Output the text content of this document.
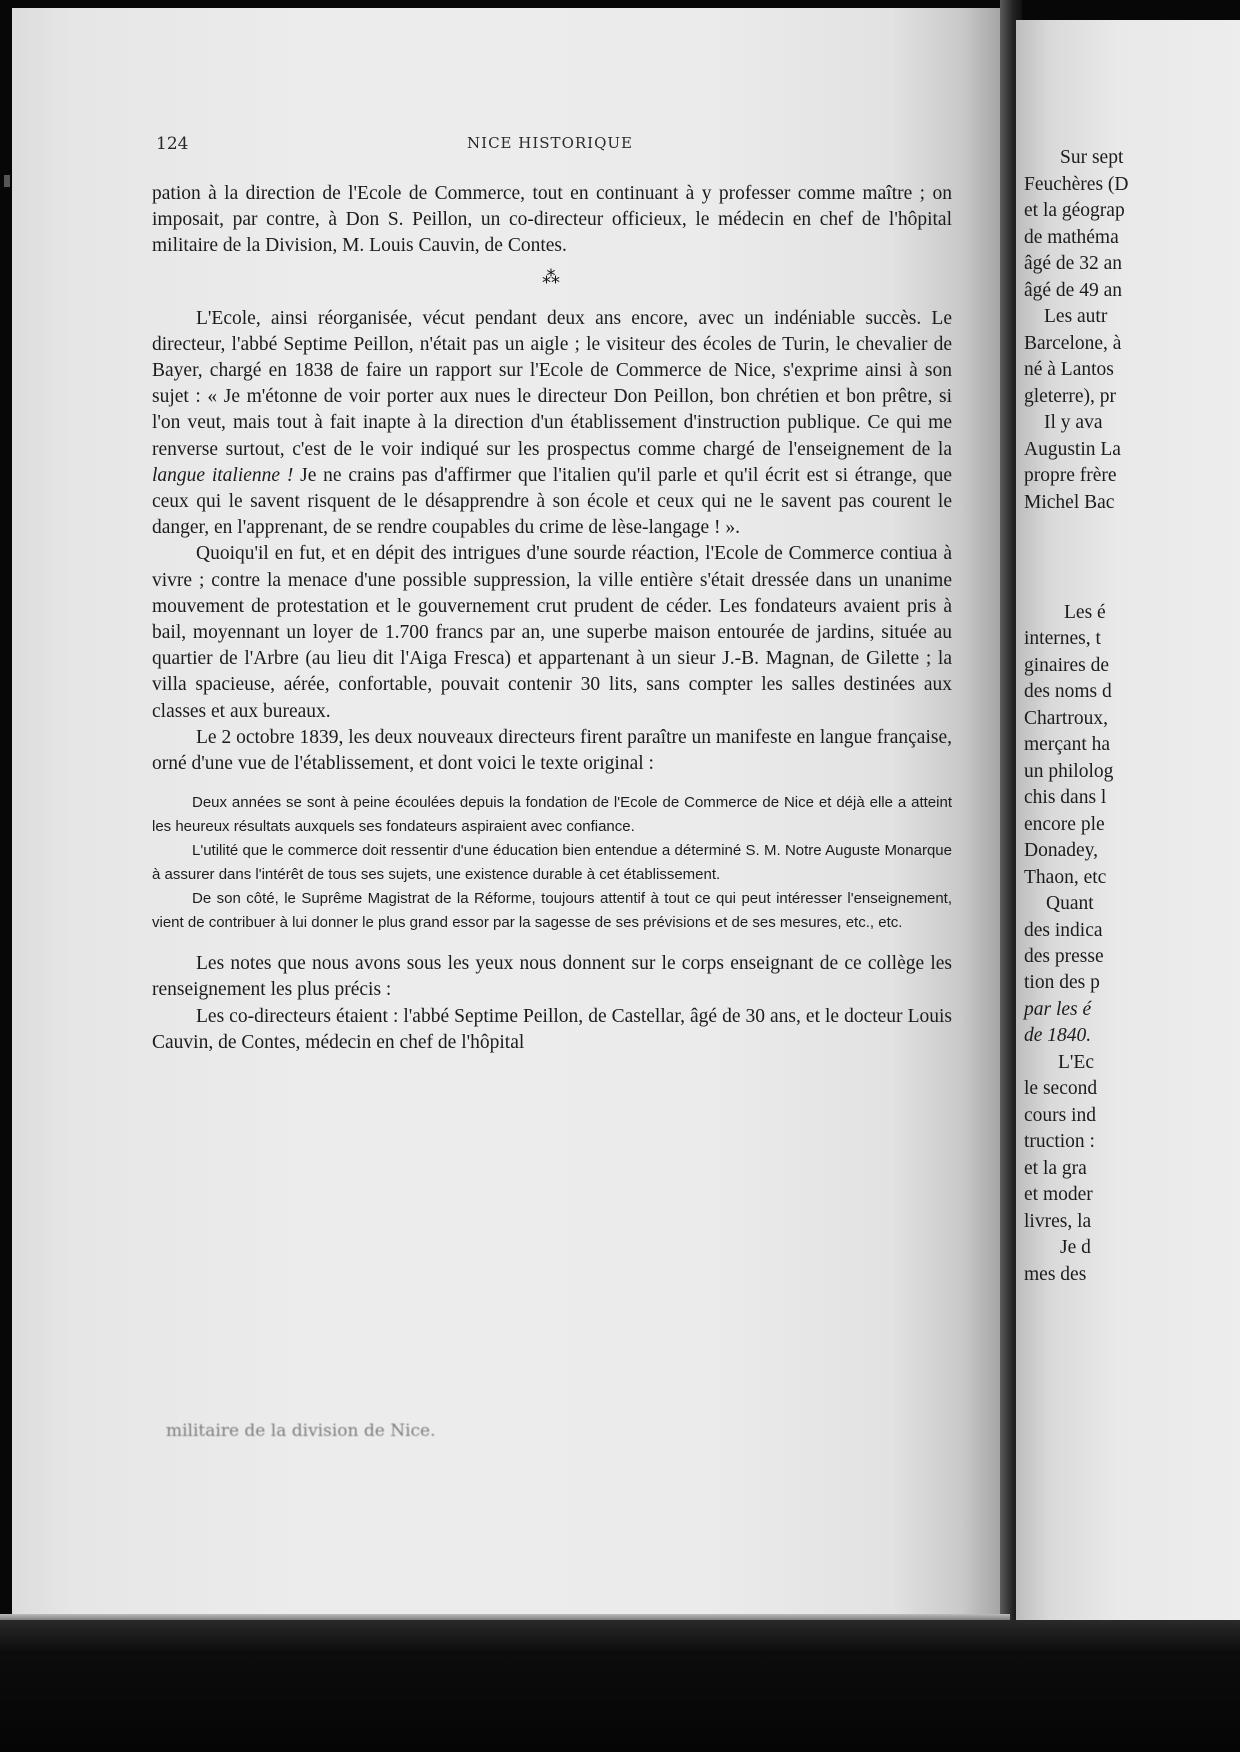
Sur sept
Feuchères (D
et la géograp
de mathéma
âgé de 32 an
âgé de 49 an
Les autr
Barcelone, à
né à Lantos
gleterre), pr
Il y ava
Augustin La
propre frère
Michel Bac
Les é
internes, t
ginaires de
des noms d
Chartroux,
merçant ha
un philolog
chis dans l
encore ple
Donadey,
Thaon, etc
Quant
des indica
des presse
tion des p
par les é
de 1840.
L'Ec
le second
cours ind
truction :
et la gra
et moder
livres, la
Je d
mes des
124	NICE HISTORIQUE

pation à la direction de l'Ecole de Commerce, tout en continuant à y professer comme maître ; on imposait, par contre, à Don S. Peillon, un co-directeur officieux, le médecin en chef de l'hôpital militaire de la Division, M. Louis Cauvin, de Contes.

⁂

L'Ecole, ainsi réorganisée, vécut pendant deux ans encore, avec un indéniable succès. Le directeur, l'abbé Septime Peillon, n'était pas un aigle ; le visiteur des écoles de Turin, le chevalier de Bayer, chargé en 1838 de faire un rapport sur l'Ecole de Commerce de Nice, s'exprime ainsi à son sujet : « Je m'étonne de voir porter aux nues le directeur Don Peillon, bon chrétien et bon prêtre, si l'on veut, mais tout à fait inapte à la direction d'un établissement d'instruction publique. Ce qui me renverse surtout, c'est de le voir indiqué sur les prospectus comme chargé de l'enseignement de la langue italienne ! Je ne crains pas d'affirmer que l'italien qu'il parle et qu'il écrit est si étrange, que ceux qui le savent risquent de le désapprendre à son école et ceux qui ne le savent pas courent le danger, en l'apprenant, de se rendre coupables du crime de lèse-langage ! ».

Quoiqu'il en fut, et en dépit des intrigues d'une sourde réaction, l'Ecole de Commerce contiua à vivre ; contre la menace d'une possible suppression, la ville entière s'était dressée dans un unanime mouvement de protestation et le gouvernement crut prudent de céder. Les fondateurs avaient pris à bail, moyennant un loyer de 1.700 francs par an, une superbe maison entourée de jardins, située au quartier de l'Arbre (au lieu dit l'Aiga Fresca) et appartenant à un sieur J.-B. Magnan, de Gilette ; la villa spacieuse, aérée, confortable, pouvait contenir 30 lits, sans compter les salles destinées aux classes et aux bureaux.

Le 2 octobre 1839, les deux nouveaux directeurs firent paraître un manifeste en langue française, orné d'une vue de l'établissement, et dont voici le texte original :

Deux années se sont à peine écoulées depuis la fondation de l'Ecole de Commerce de Nice et déjà elle a atteint les heureux résultats auxquels ses fondateurs aspiraient avec confiance.

L'utilité que le commerce doit ressentir d'une éducation bien entendue a déterminé S. M. Notre Auguste Monarque à assurer dans l'intérêt de tous ses sujets, une existence durable à cet établissement.

De son côté, le Suprême Magistrat de la Réforme, toujours attentif à tout ce qui peut intéresser l'enseignement, vient de contribuer à lui donner le plus grand essor par la sagesse de ses prévisions et de ses mesures, etc., etc.

Les notes que nous avons sous les yeux nous donnent sur le corps enseignant de ce collège les renseignement les plus précis :

Les co-directeurs étaient : l'abbé Septime Peillon, de Castellar, âgé de 30 ans, et le docteur Louis Cauvin, de Contes, médecin en chef de l'hôpital

militaire de la division de Nice.
